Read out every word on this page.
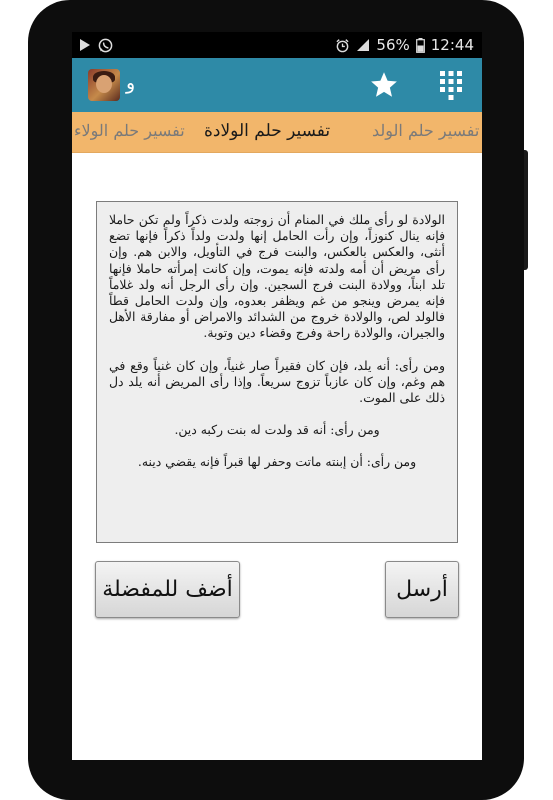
56% 12:44
و
تفسير حلم الولاء تفسير حلم الولادة	تفسير حلم الولد

الولادة لو رأى ملك في المنام أن زوجته ولدت ذكراً ولم تكن حاملا فإنه ينال كنوزاً، وإن رأت الحامل إنها ولدت ولداً ذكراً فإنها تضع أنثى، والعكس بالعكس، والبنت فرج في التأويل، والابن هم. وإن رأى مريض أن أمه ولدته فإنه يموت، وإن كانت إمرأته حاملا فإنها تلد ابناً، وولادة البنت فرج السجين. وإن رأى الرجل أنه ولد غلاماً فإنه يمرض وينجو من غم ويظفر بعدوه، وإن ولدت الحامل قطاً فالولد لص، والولادة خروج من الشدائد والامراض أو مفارقة الأهل والجيران، والولادة راحة وفرج وقضاء دين وتوبة.

ومن رأى: أنه يلد، فإن كان فقيراً صار غنياً، وإن كان غنياً وقع في هم وغم، وإن كان عازباً تزوج سريعاً. وإذا رأى المريض أنه يلد دل ذلك على الموت.

ومن رأى: أنه قد ولدت له بنت ركبه دين.

ومن رأى: أن إبنته ماتت وحفر لها قبراً فإنه يقضي دينه.

أضف للمفضلة	أرسل
